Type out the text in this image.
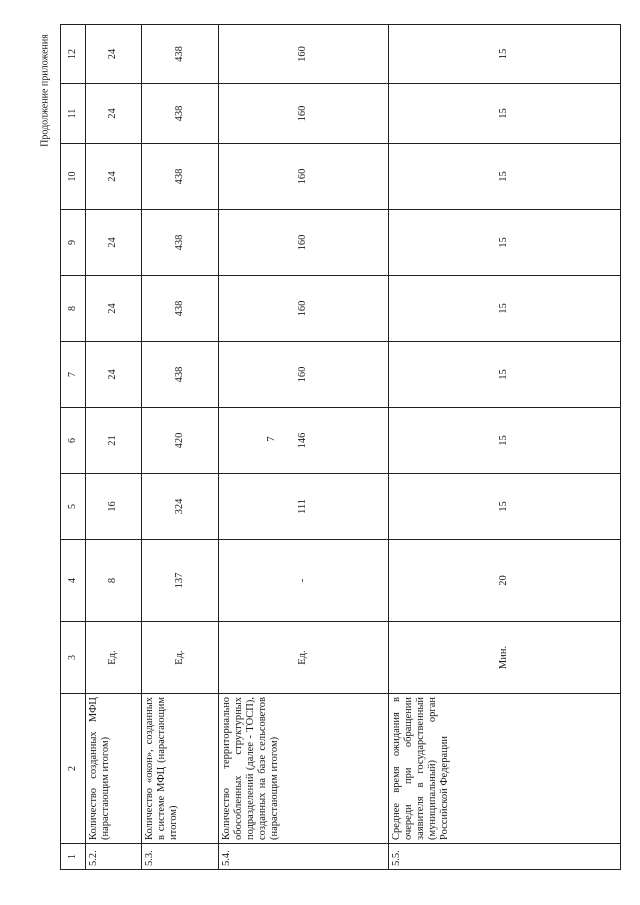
7
Продолжение приложения
1	2	3	4	5	6	7	8	9	10	11	12
5.2.	Количество созданных МФЦ (нарастающим итогом)	Ед.	8	16	21	24	24	24	24	24	24
5.3.	Количество «окон», созданных в системе МФЦ (нарастающим итогом)	Ед.	137	324	420	438	438	438	438	438	438
5.4.	Количество территориально обособленных структурных подразделений (далее - ТОСП), созданных на базе сельсоветов (нарастающим итогом)	Ед.	-	111	146	160	160	160	160	160	160
5.5.	Среднее время ожидания в очереди при обращении заявителя в государственный (муниципальный) орган Российской Федерации	Мин.	20	15	15	15	15	15	15	15	15
